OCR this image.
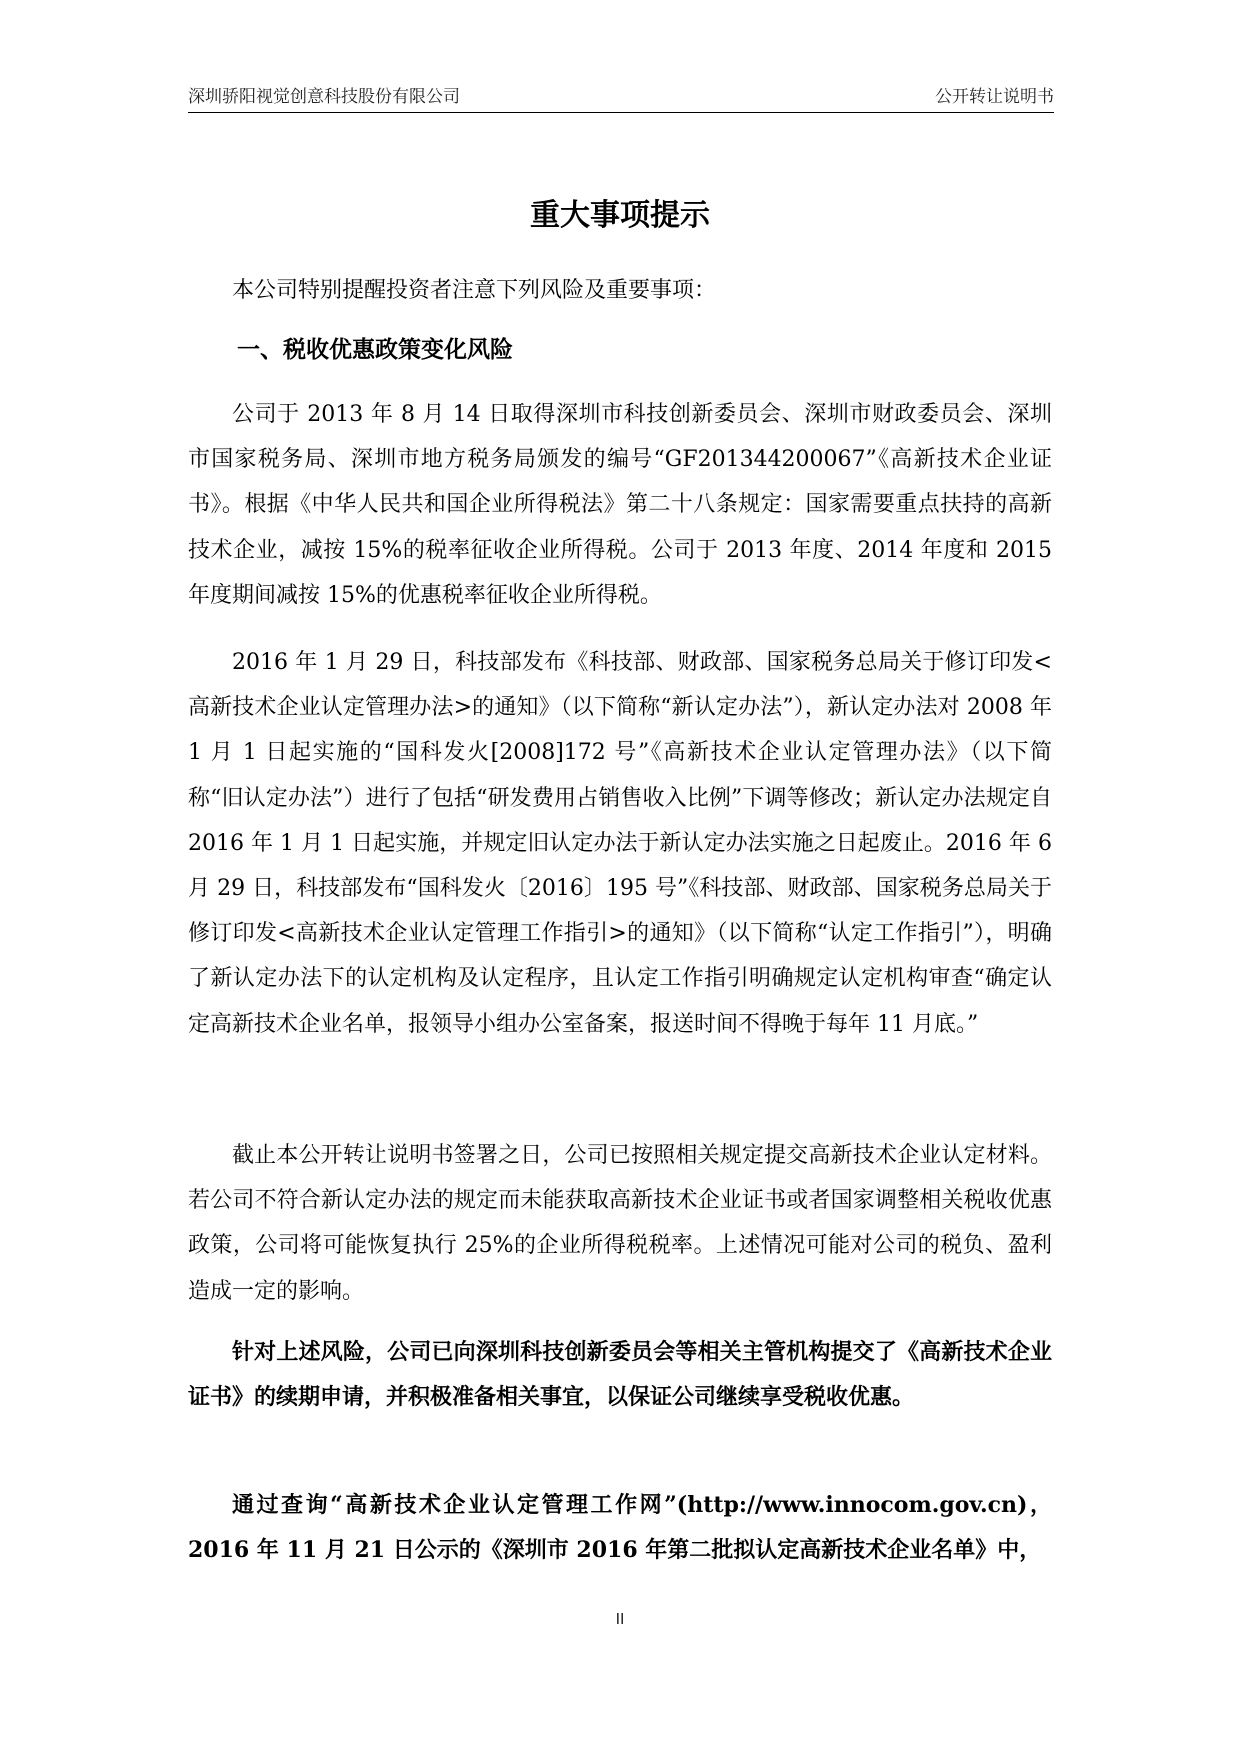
深圳骄阳视觉创意科技股份有限公司	公开转让说明书
重大事项提示

本公司特别提醒投资者注意下列风险及重要事项：

一、税收优惠政策变化风险

公司于 2013 年 8 月 14 日取得深圳市科技创新委员会、深圳市财政委员会、深圳市国家税务局、深圳市地方税务局颁发的编号“GF201344200067”《高新技术企业证书》。根据《中华人民共和国企业所得税法》第二十八条规定：国家需要重点扶持的高新技术企业，减按 15%的税率征收企业所得税。公司于 2013 年度、2014 年度和 2015 年度期间减按 15%的优惠税率征收企业所得税。

2016 年 1 月 29 日，科技部发布《科技部、财政部、国家税务总局关于修订印发<高新技术企业认定管理办法>的通知》（以下简称“新认定办法”），新认定办法对 2008 年 1 月 1 日起实施的“国科发火[2008]172 号”《高新技术企业认定管理办法》（以下简称“旧认定办法”）进行了包括“研发费用占销售收入比例”下调等修改；新认定办法规定自 2016 年 1 月 1 日起实施，并规定旧认定办法于新认定办法实施之日起废止。2016 年 6 月 29 日，科技部发布“国科发火〔2016〕195 号”《科技部、财政部、国家税务总局关于修订印发<高新技术企业认定管理工作指引>的通知》（以下简称“认定工作指引”），明确了新认定办法下的认定机构及认定程序，且认定工作指引明确规定认定机构审查“确定认定高新技术企业名单，报领导小组办公室备案，报送时间不得晚于每年 11 月底。”

截止本公开转让说明书签署之日，公司已按照相关规定提交高新技术企业认定材料。若公司不符合新认定办法的规定而未能获取高新技术企业证书或者国家调整相关税收优惠政策，公司将可能恢复执行 25%的企业所得税税率。上述情况可能对公司的税负、盈利造成一定的影响。

针对上述风险，公司已向深圳科技创新委员会等相关主管机构提交了《高新技术企业证书》的续期申请，并积极准备相关事宜，以保证公司继续享受税收优惠。

通过查询“高新技术企业认定管理工作网”(http://www.innocom.gov.cn)，2016 年 11 月 21 日公示的《深圳市 2016 年第二批拟认定高新技术企业名单》中，

II
